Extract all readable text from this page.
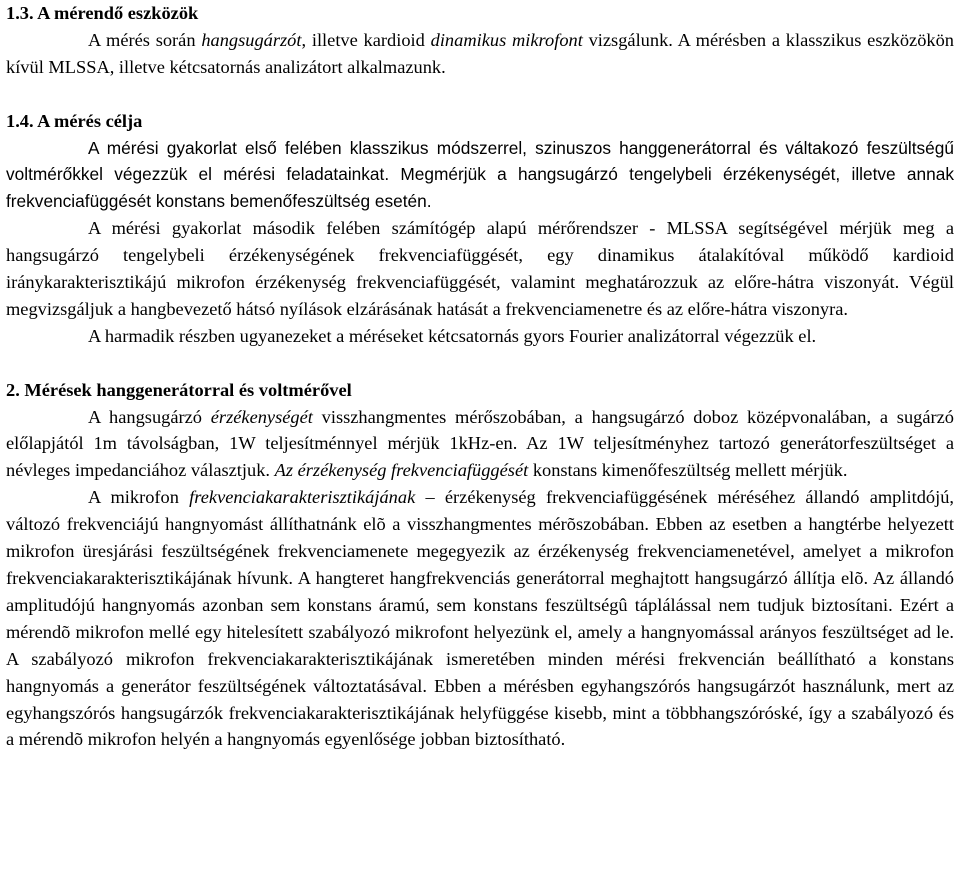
1.3. A mérendő eszközök

A mérés során hangsugárzót, illetve kardioid dinamikus mikrofont vizsgálunk. A mérésben a klasszikus eszközökön kívül MLSSA, illetve kétcsatornás analizátort alkalmazunk.

1.4. A mérés célja

A mérési gyakorlat első felében klasszikus módszerrel, szinuszos hanggenerátorral és váltakozó feszültségű voltmérőkkel végezzük el mérési feladatainkat. Megmérjük a hangsugárzó tengelybeli érzékenységét, illetve annak frekvenciafüggését konstans bemenőfeszültség esetén.

A mérési gyakorlat második felében számítógép alapú mérőrendszer - MLSSA segítségével mérjük meg a hangsugárzó tengelybeli érzékenységének frekvenciafüggését, egy dinamikus átalakítóval működő kardioid iránykarakterisztikájú mikrofon érzékenység frekvenciafüggését, valamint meghatározzuk az előre-hátra viszonyát. Végül megvizsgáljuk a hangbevezető hátsó nyílások elzárásának hatását a frekvenciamenetre és az előre-hátra viszonyra.

A harmadik részben ugyanezeket a méréseket kétcsatornás gyors Fourier analizátorral végezzük el.

2. Mérések hanggenerátorral és voltmérővel

A hangsugárzó érzékenységét visszhangmentes mérőszobában, a hangsugárzó doboz középvonalában, a sugárzó előlapjától 1m távolságban, 1W teljesítménnyel mérjük 1kHz-en. Az 1W teljesítményhez tartozó generátorfeszültséget a névleges impedanciához választjuk. Az érzékenység frekvenciafüggését konstans kimenőfeszültség mellett mérjük.

A mikrofon frekvenciakarakterisztikájának – érzékenység frekvenciafüggésének méréséhez állandó amplitdójú, változó frekvenciájú hangnyomást állíthatnánk elõ a visszhangmentes mérõszobában. Ebben az esetben a hangtérbe helyezett mikrofon üresjárási feszültségének frekvenciamenete megegyezik az érzékenység frekvenciamenetével, amelyet a mikrofon frekvenciakarakterisztikájának hívunk. A hangteret hangfrekvenciás generátorral meghajtott hangsugárzó állítja elõ. Az állandó amplitudójú hangnyomás azonban sem konstans áramú, sem konstans feszültségû táplálással nem tudjuk biztosítani. Ezért a mérendõ mikrofon mellé egy hitelesített szabályozó mikrofont helyezünk el, amely a hangnyomással arányos feszültséget ad le. A szabályozó mikrofon frekvenciakarakterisztikájának ismeretében minden mérési frekvencián beállítható a konstans hangnyomás a generátor feszültségének változtatásával. Ebben a mérésben egyhangszórós hangsugárzót használunk, mert az egyhangszórós hangsugárzók frekvenciakarakterisztikájának helyfüggése kisebb, mint a többhangszóróské, így a szabályozó és a mérendõ mikrofon helyén a hangnyomás egyenlősége jobban biztosítható.
